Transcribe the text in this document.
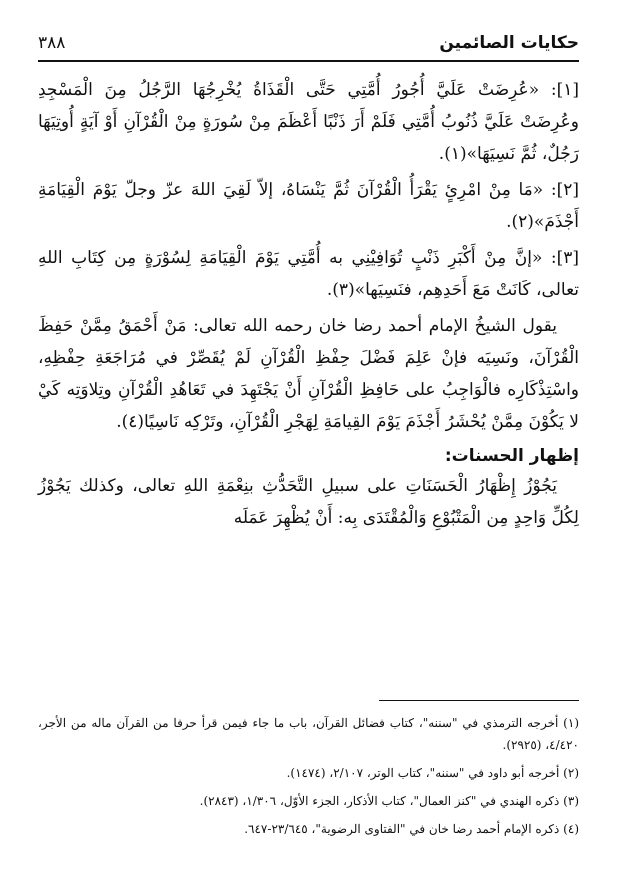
٣٨٨	حكايات الصائمين

[١]: «عُرِضَتْ عَلَيَّ أُجُورُ أُمَّتِي حَتَّى الْقَذَاةُ يُخْرِجُهَا الرَّجُلُ مِنَ الْمَسْجِدِ وعُرِضَتْ عَلَيَّ ذُنُوبُ أُمَّتِي فَلَمْ أَرَ ذَنْبًا أَعْظَمَ مِنْ سُورَةٍ مِنْ الْقُرْآنِ أَوْ آيَةٍ أُوتِيَهَا رَجُلٌ، ثُمَّ نَسِيَهَا»(١).

[٢]: «مَا مِنْ امْرِئٍ يَقْرَأُ الْقُرْآنَ ثُمَّ يَنْسَاهُ، إلاّ لَقِيَ اللهَ عزّ وجلّ يَوْمَ الْقِيَامَةِ أَجْذَمَ»(٢).

[٣]: «إنَّ مِنْ أَكْبَرِ ذَنْبٍ تُوَافِيْنِي به أُمَّتِي يَوْمَ الْقِيَامَةِ لِسُوْرَةٍ مِن كِتَابِ اللهِ تعالى، كَانَتْ مَعَ أَحَدِهِم، فنَسِيَها»(٣).

يقول الشيخُ الإمام أحمد رضا خان رحمه الله تعالى: مَنْ أَحْمَقُ مِمَّنْ حَفِظَ الْقُرْآنَ، ونَسِيَه فإنْ عَلِمَ فَضْلَ حِفْظِ الْقُرْآنِ لَمْ يُقَصِّرْ في مُرَاجَعَةِ حِفْظِهِ، واسْتِذْكَارِه فالْوَاجِبُ على حَافِظِ الْقُرْآنِ أَنْ يَجْتَهِدَ في تَعَاهُدِ الْقُرْآنِ وتِلاوَتِه كَيْ لا يَكُوْنَ مِمَّنْ يُحْشَرُ أَجْذَمَ يَوْمَ القِيامَةِ لِهَجْرِ الْقُرْآنِ، وتَرْكِه نَاسِيًا(٤).

إظهار الحسنات:

يَجُوْزُ إِظْهَارُ الْحَسَنَاتِ على سبيلِ التَّحَدُّثِ بنِعْمَةِ اللهِ تعالى، وكذلك يَجُوْزُ لِكُلِّ وَاحِدٍ مِن الْمَتْبُوْعِ وَالْمُقْتَدَى بِه: أَنْ يُظْهِرَ عَمَلَه

(١) أخرجه الترمذي في "سننه"، كتاب فضائل القرآن، باب ما جاء فيمن قرأ حرفا من القرآن ماله من الأجر، ٤/٤٢٠، (٢٩٢٥).

(٢) أخرجه أبو داود في "سننه"، كتاب الوتر، ٢/١٠٧، (١٤٧٤).

(٣) ذكره الهندي في "كنز العمال"، كتاب الأذكار، الجزء الأوّل، ١/٣٠٦، (٢٨٤٣).

(٤) ذكره الإمام أحمد رضا خان في "الفتاوى الرضوية"، ٢٣/٦٤٥-٦٤٧.
